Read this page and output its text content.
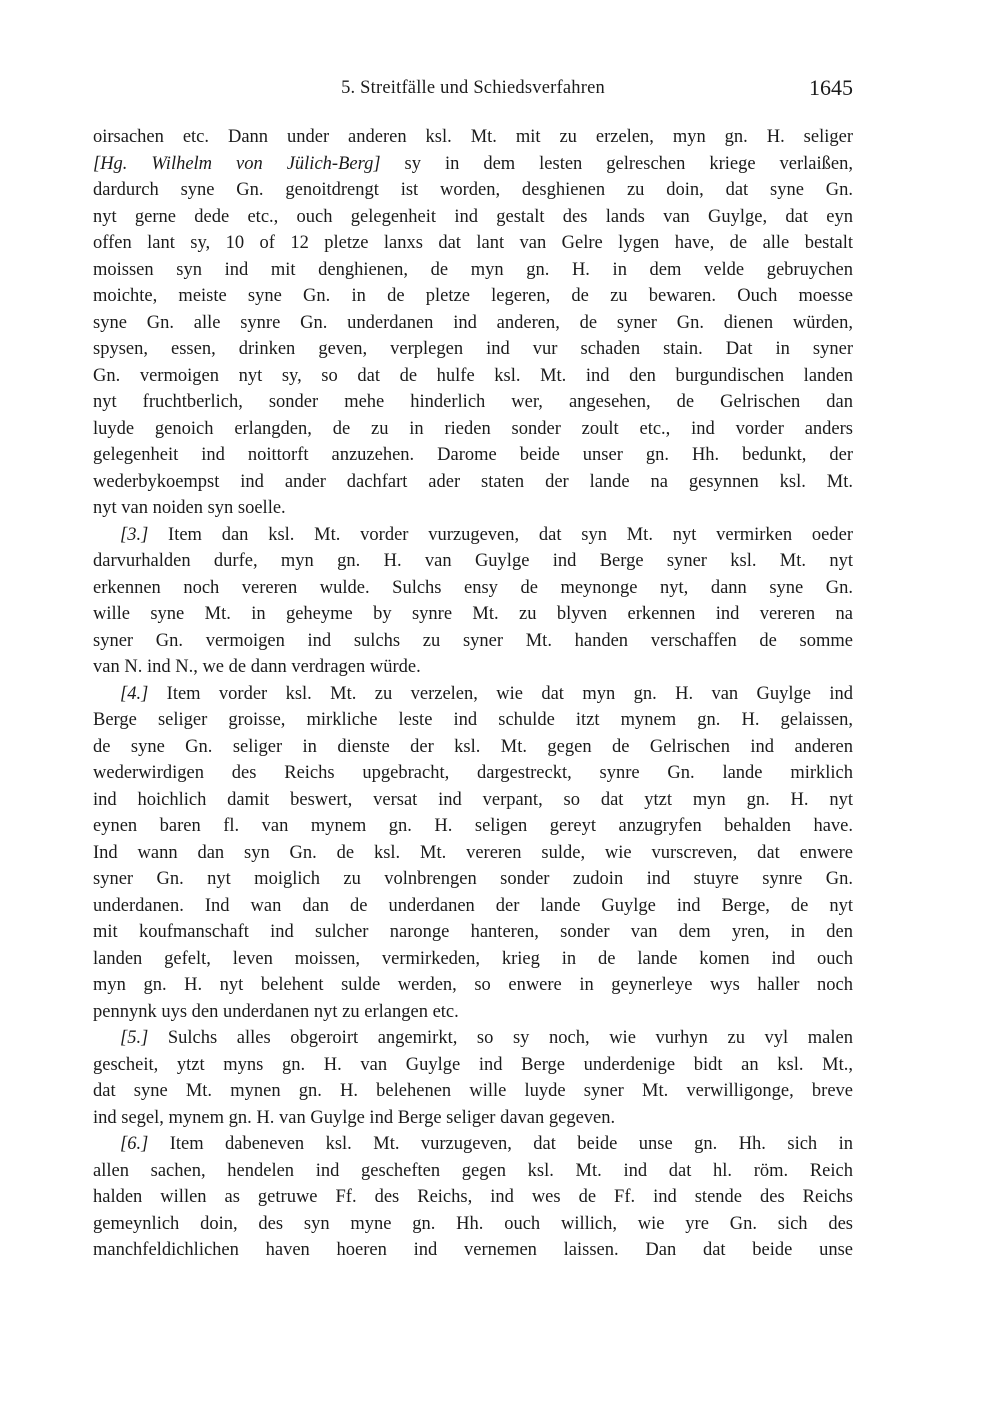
5. Streitfälle und Schiedsverfahren	1645

oirsachen etc. Dann under anderen ksl. Mt. mit zu erzelen, myn gn. H. seliger
[Hg. Wilhelm von Jülich-Berg] sy in dem lesten gelreschen kriege verlaißen,
dardurch syne Gn. genoitdrengt ist worden, desghienen zu doin, dat syne Gn.
nyt gerne dede etc., ouch gelegenheit ind gestalt des lands van Guylge, dat eyn
offen lant sy, 10 of 12 pletze lanxs dat lant van Gelre lygen have, de alle bestalt
moissen syn ind mit denghienen, de myn gn. H. in dem velde gebruychen
moichte, meiste syne Gn. in de pletze legeren, de zu bewaren. Ouch moesse
syne Gn. alle synre Gn. underdanen ind anderen, de syner Gn. dienen würden,
spysen, essen, drinken geven, verplegen ind vur schaden stain. Dat in syner
Gn. vermoigen nyt sy, so dat de hulfe ksl. Mt. ind den burgundischen landen
nyt fruchtberlich, sonder mehe hinderlich wer, angesehen, de Gelrischen dan
luyde genoich erlangden, de zu in rieden sonder zoult etc., ind vorder anders
gelegenheit ind noittorft anzuzehen. Darome beide unser gn. Hh. bedunkt, der
wederbykoempst ind ander dachfart ader staten der lande na gesynnen ksl. Mt.
nyt van noiden syn soelle.

[3.] Item dan ksl. Mt. vorder vurzugeven, dat syn Mt. nyt vermirken oeder
darvurhalden durfe, myn gn. H. van Guylge ind Berge syner ksl. Mt. nyt
erkennen noch vereren wulde. Sulchs ensy de meynonge nyt, dann syne Gn.
wille syne Mt. in geheyme by synre Mt. zu blyven erkennen ind vereren na
syner Gn. vermoigen ind sulchs zu syner Mt. handen verschaffen de somme
van N. ind N., we de dann verdragen würde.

[4.] Item vorder ksl. Mt. zu verzelen, wie dat myn gn. H. van Guylge ind
Berge seliger groisse, mirkliche leste ind schulde itzt mynem gn. H. gelaissen,
de syne Gn. seliger in dienste der ksl. Mt. gegen de Gelrischen ind anderen
wederwirdigen des Reichs upgebracht, dargestreckt, synre Gn. lande mirklich
ind hoichlich damit beswert, versat ind verpant, so dat ytzt myn gn. H. nyt
eynen baren fl. van mynem gn. H. seligen gereyt anzugryfen behalden have.
Ind wann dan syn Gn. de ksl. Mt. vereren sulde, wie vurscreven, dat enwere
syner Gn. nyt moiglich zu volnbrengen sonder zudoin ind stuyre synre Gn.
underdanen. Ind wan dan de underdanen der lande Guylge ind Berge, de nyt
mit koufmanschaft ind sulcher naronge hanteren, sonder van dem yren, in den
landen gefelt, leven moissen, vermirkeden, krieg in de lande komen ind ouch
myn gn. H. nyt belehent sulde werden, so enwere in geynerleye wys haller noch
pennynk uys den underdanen nyt zu erlangen etc.

[5.] Sulchs alles obgeroirt angemirkt, so sy noch, wie vurhyn zu vyl malen
gescheit, ytzt myns gn. H. van Guylge ind Berge underdenige bidt an ksl. Mt.,
dat syne Mt. mynen gn. H. belehenen wille luyde syner Mt. verwilligonge, breve
ind segel, mynem gn. H. van Guylge ind Berge seliger davan gegeven.

[6.] Item dabeneven ksl. Mt. vurzugeven, dat beide unse gn. Hh. sich in
allen sachen, hendelen ind gescheften gegen ksl. Mt. ind dat hl. röm. Reich
halden willen as getruwe Ff. des Reichs, ind wes de Ff. ind stende des Reichs
gemeynlich doin, des syn myne gn. Hh. ouch willich, wie yre Gn. sich des
manchfeldichlichen haven hoeren ind vernemen laissen. Dan dat beide unse
